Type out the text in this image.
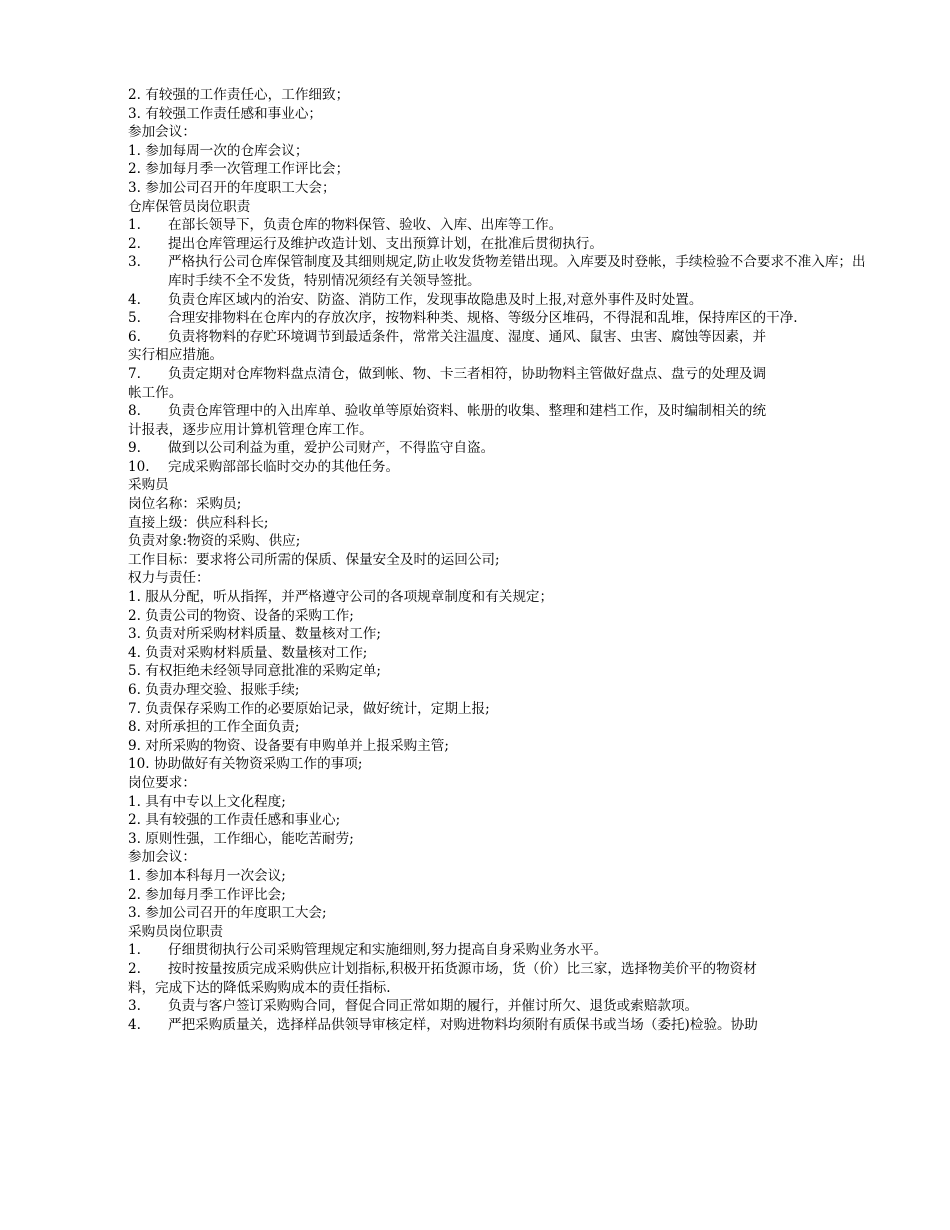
2. 有较强的工作责任心，工作细致；
3. 有较强工作责任感和事业心；
参加会议：
1. 参加每周一次的仓库会议；
2. 参加每月季一次管理工作评比会；
3. 参加公司召开的年度职工大会；
仓库保管员岗位职责
1.	在部长领导下，负责仓库的物料保管、验收、入库、出库等工作。
2.	提出仓库管理运行及维护改造计划、支出预算计划，在批准后贯彻执行。
3.	严格执行公司仓库保管制度及其细则规定,防止收发货物差错出现。入库要及时登帐，手续检验不合要求不准入库；出库时手续不全不发货，特别情况须经有关领导签批。
4.	负责仓库区域内的治安、防盗、消防工作，发现事故隐患及时上报,对意外事件及时处置。
5.	合理安排物料在仓库内的存放次序，按物料种类、规格、等级分区堆码，不得混和乱堆，保持库区的干净.
6.	负责将物料的存贮环境调节到最适条件，常常关注温度、湿度、通风、鼠害、虫害、腐蚀等因素，并
实行相应措施。
7.	负责定期对仓库物料盘点清仓，做到帐、物、卡三者相符，协助物料主管做好盘点、盘亏的处理及调
帐工作。
8.	负责仓库管理中的入出库单、验收单等原始资料、帐册的收集、整理和建档工作，及时编制相关的统
计报表，逐步应用计算机管理仓库工作。
9.	做到以公司利益为重，爱护公司财产，不得监守自盗。
10.	完成采购部部长临时交办的其他任务。
采购员
岗位名称：采购员;
直接上级：供应科科长;
负责对象:物资的采购、供应;
工作目标：要求将公司所需的保质、保量安全及时的运回公司;
权力与责任：
1. 服从分配，听从指挥，并严格遵守公司的各项规章制度和有关规定；
2. 负责公司的物资、设备的采购工作;
3. 负责对所采购材料质量、数量核对工作;
4. 负责对采购材料质量、数量核对工作;
5. 有权拒绝未经领导同意批准的采购定单;
6. 负责办理交验、报账手续;
7. 负责保存采购工作的必要原始记录，做好统计，定期上报;
8. 对所承担的工作全面负责;
9. 对所采购的物资、设备要有申购单并上报采购主管;
10. 协助做好有关物资采购工作的事项;
岗位要求：
1. 具有中专以上文化程度;
2. 具有较强的工作责任感和事业心;
3. 原则性强，工作细心，能吃苦耐劳;
参加会议：
1. 参加本科每月一次会议;
2. 参加每月季工作评比会;
3. 参加公司召开的年度职工大会;
采购员岗位职责
1.	仔细贯彻执行公司采购管理规定和实施细则,努力提高自身采购业务水平。
2.	按时按量按质完成采购供应计划指标,积极开拓货源市场，货（价）比三家，选择物美价平的物资材
料，完成下达的降低采购购成本的责任指标.
3.	负责与客户签订采购购合同，督促合同正常如期的履行，并催讨所欠、退货或索赔款项。
4.	严把采购质量关，选择样品供领导审核定样，对购进物料均须附有质保书或当场（委托)检验。协助
